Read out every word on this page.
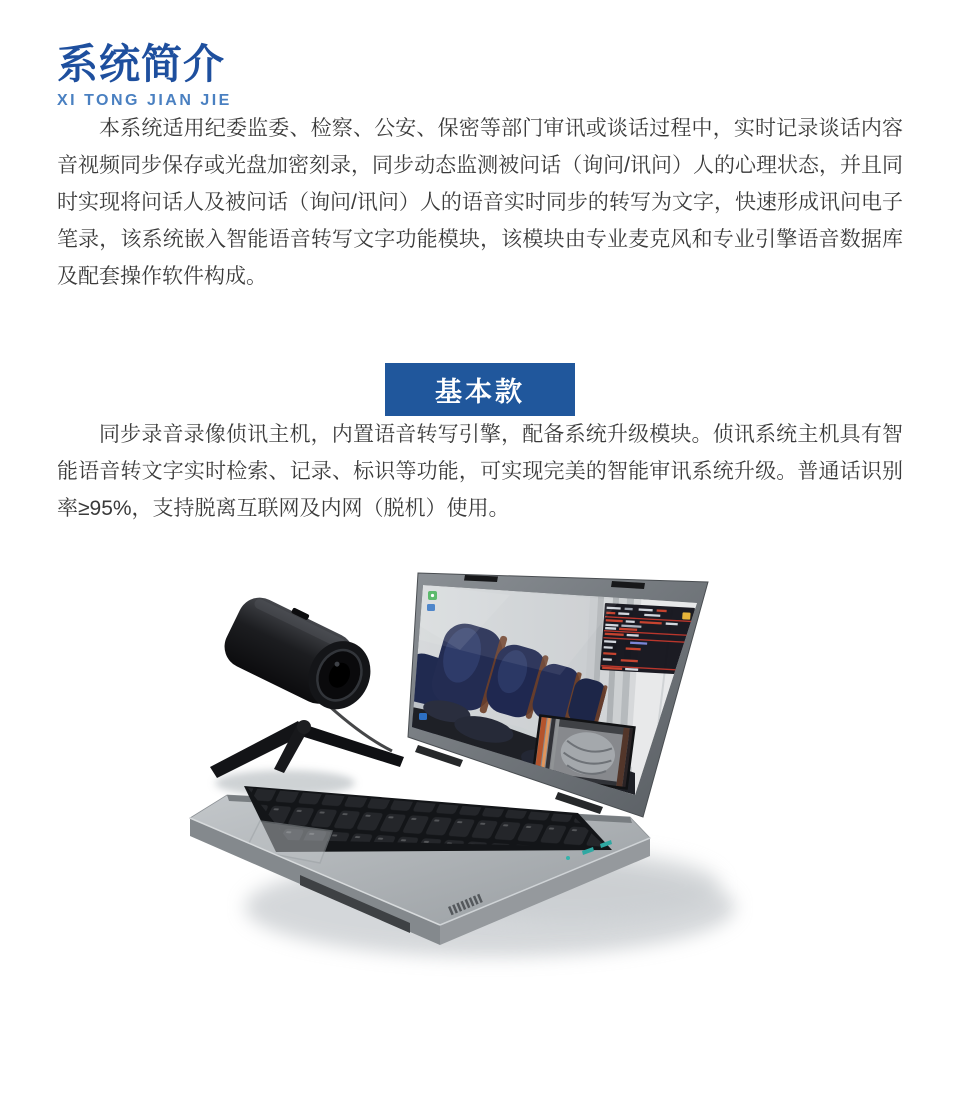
系统简介
XI TONG JIAN JIE

本系统适用纪委监委、检察、公安、保密等部门审讯或谈话过程中，实时记录谈话内容音视频同步保存或光盘加密刻录，同步动态监测被问话（询问/讯问）人的心理状态，并且同时实现将问话人及被问话（询问/讯问）人的语音实时同步的转写为文字，快速形成讯问电子笔录，该系统嵌入智能语音转写文字功能模块，该模块由专业麦克风和专业引擎语音数据库及配套操作软件构成。

基本款

同步录音录像侦讯主机，内置语音转写引擎，配备系统升级模块。侦讯系统主机具有智能语音转文字实时检索、记录、标识等功能，可实现完美的智能审讯系统升级。普通话识别率≥95%，支持脱离互联网及内网（脱机）使用。
